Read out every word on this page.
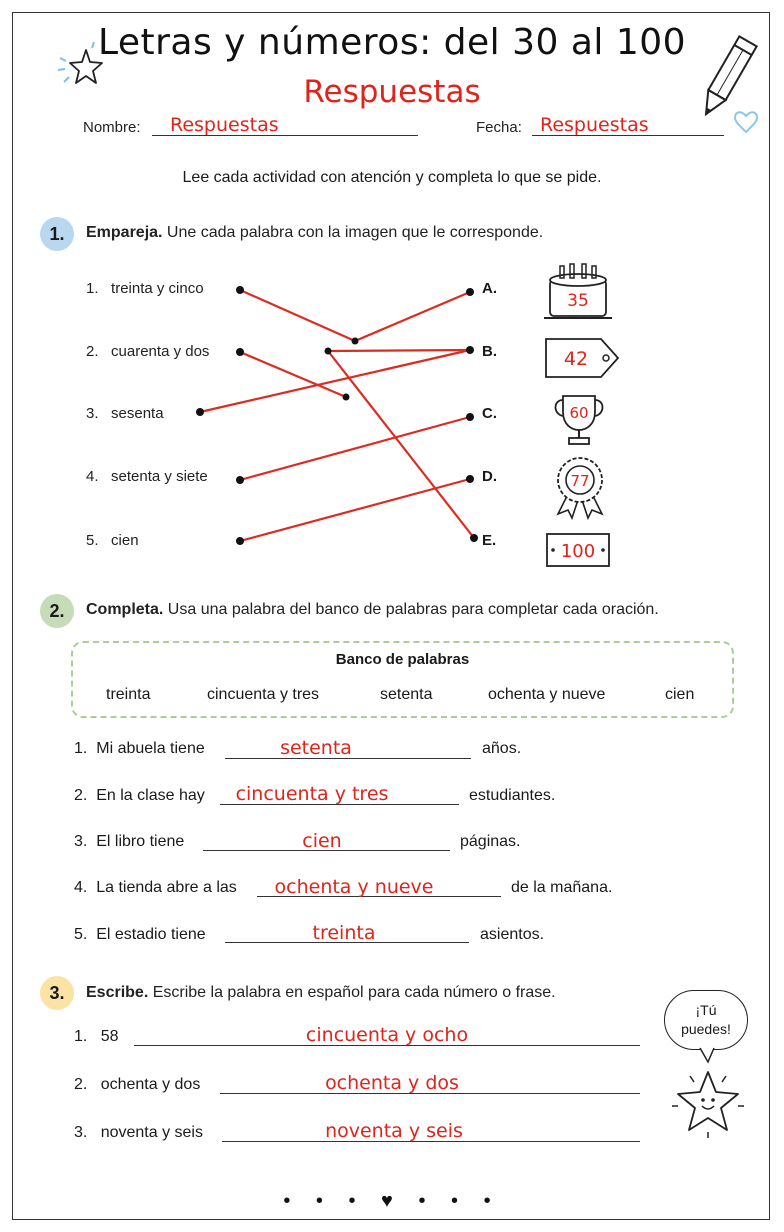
Letras y números: del 30 al 100
Respuestas
Nombre: Respuestas	Fecha: Respuestas
Lee cada actividad con atención y completa lo que se pide.
1.	Empareja. Une cada palabra con la imagen que le corresponde.
1. treinta y cinco
2. cuarenta y dos
3. sesenta
4. setenta y siete
5. cien
A.
B.
C.
D.
E.
35
42
60
77
100
2.	Completa. Usa una palabra del banco de palabras para completar cada oración.
Banco de palabras
treinta	cincuenta y tres	setenta	ochenta y nueve	cien
1. Mi abuela tiene	setenta	años.
2. En la clase hay	cincuenta y tres	estudiantes.
3. El libro tiene	cien	páginas.
4. La tienda abre a las	ochenta y nueve	de la mañana.
5. El estadio tiene	treinta	asientos.
3.	Escribe. Escribe la palabra en español para cada número o frase.
1. 58	cincuenta y ocho
2. ochenta y dos	ochenta y dos
3. noventa y seis	noventa y seis
¡Tú
puedes!
• • • ♥ • • •
